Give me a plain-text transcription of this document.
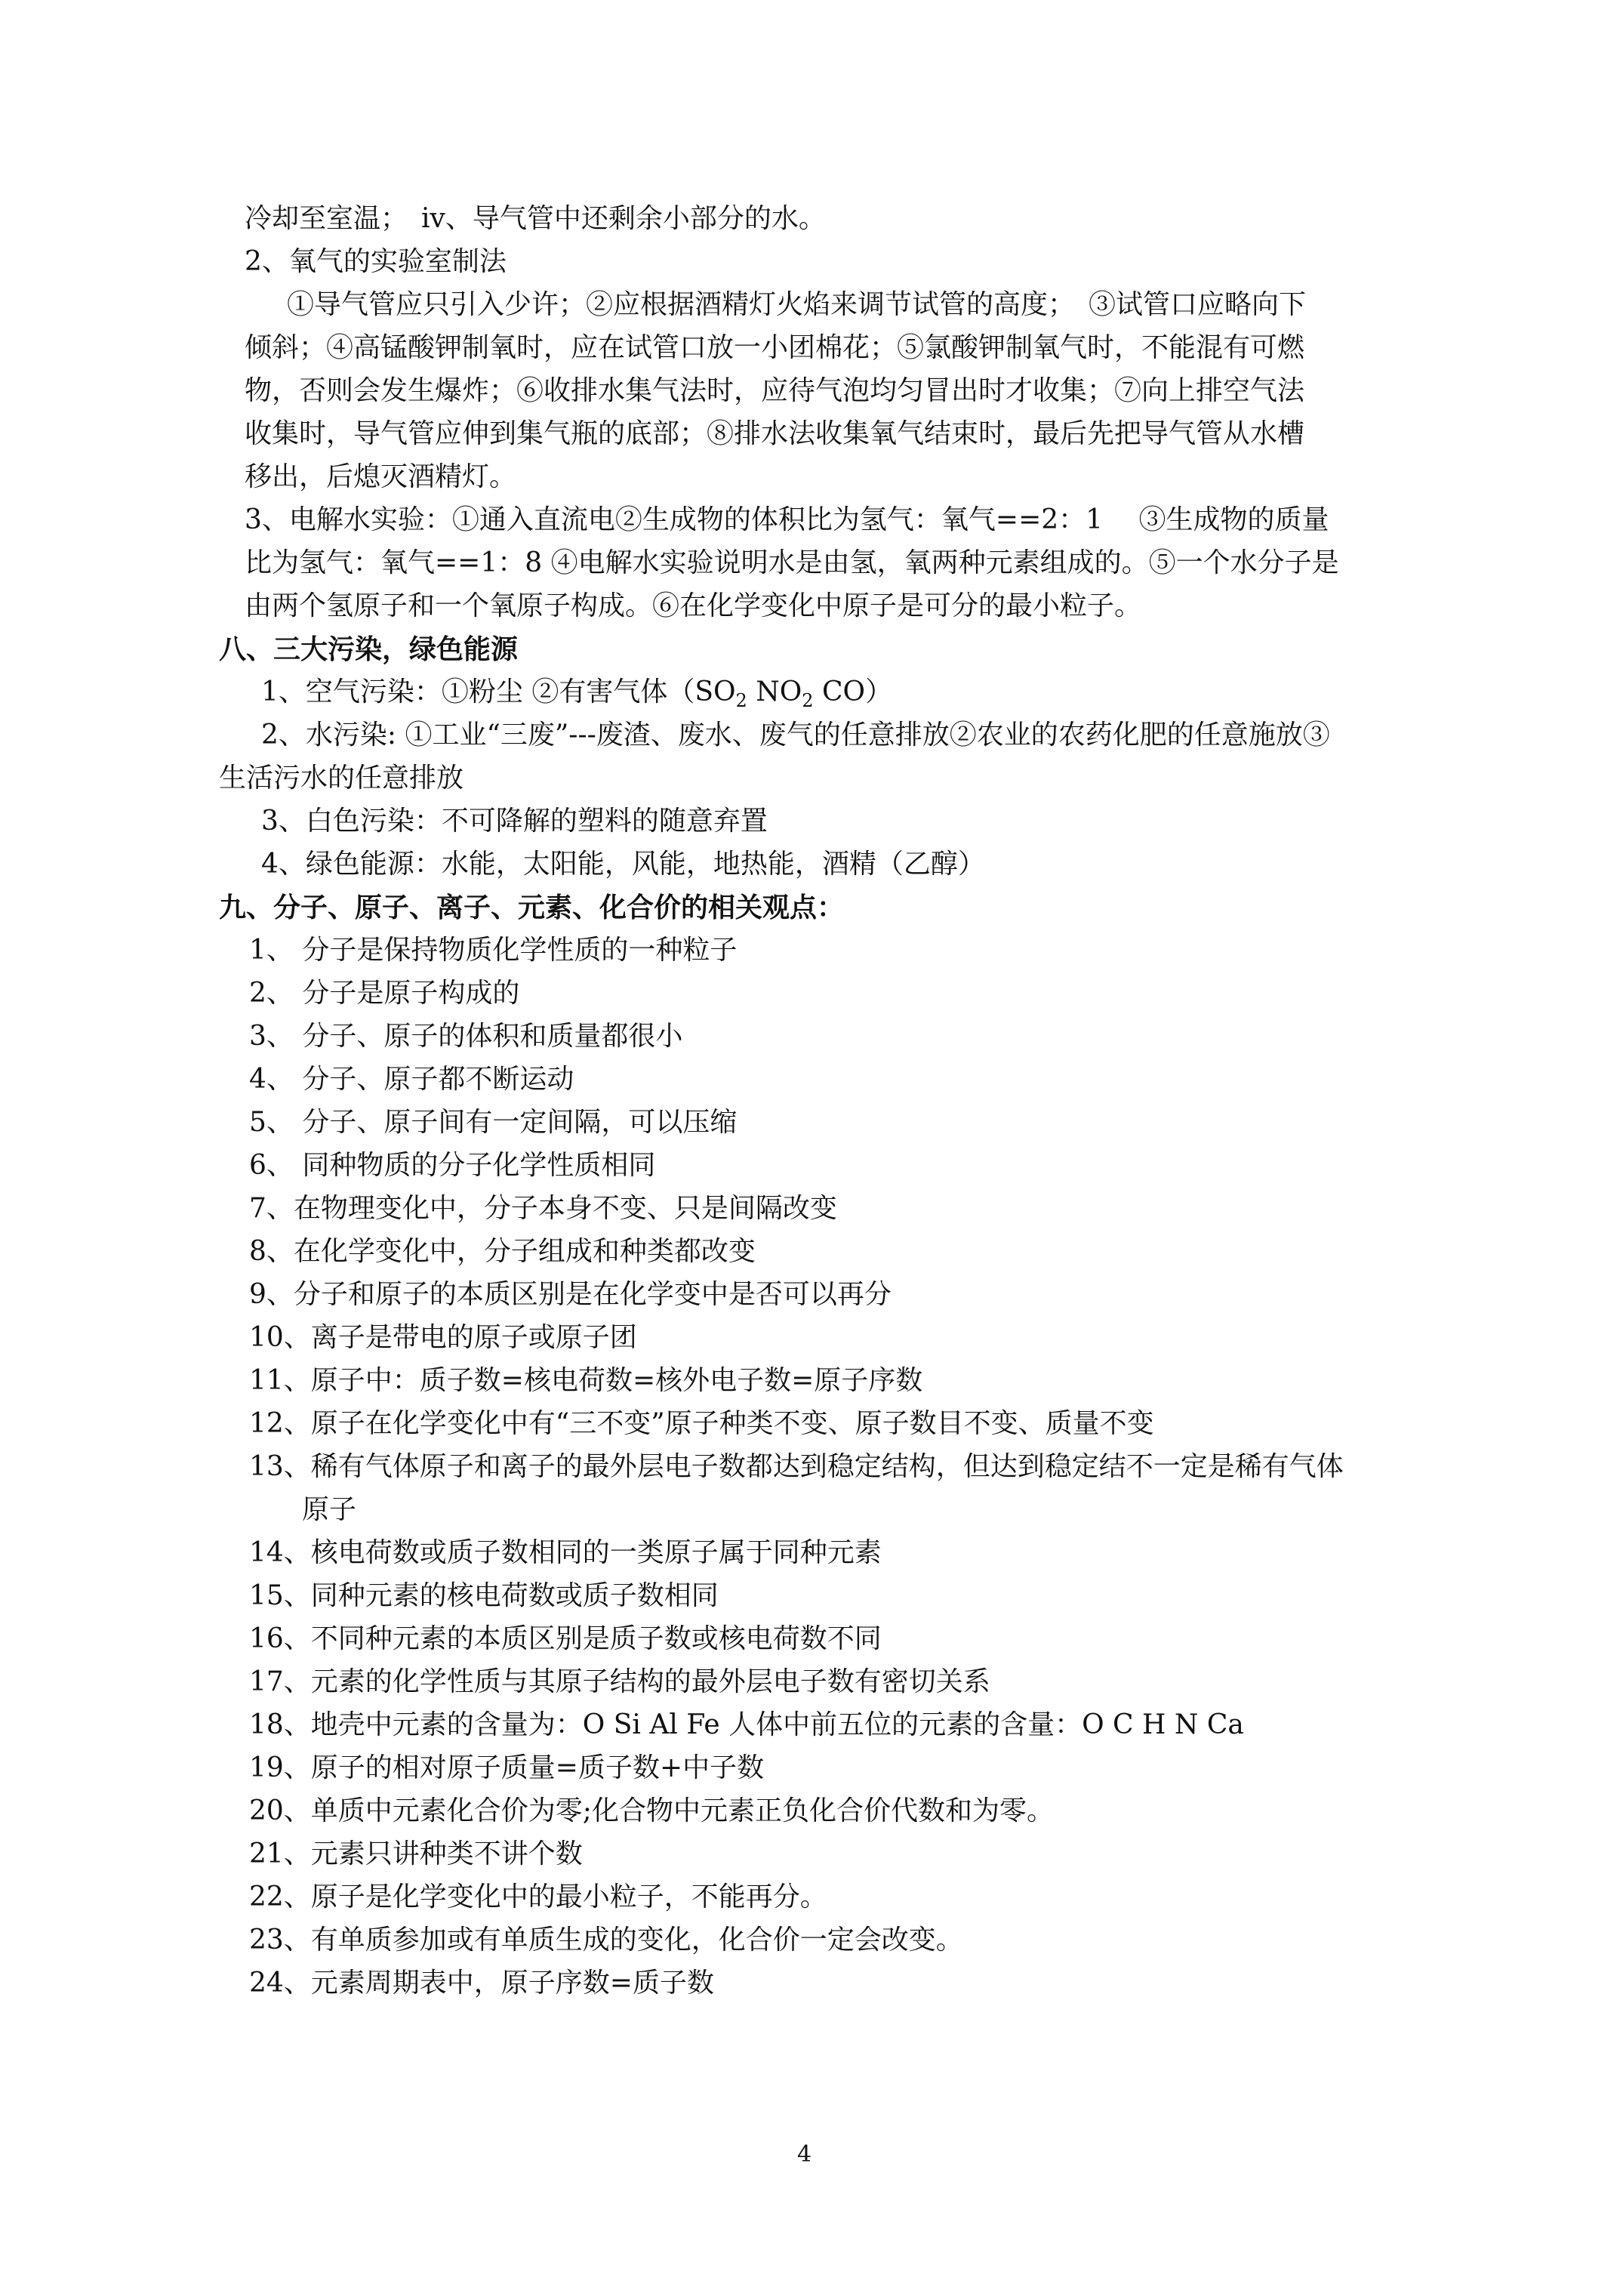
冷却至室温；　iv、导气管中还剩余小部分的水。
2、氧气的实验室制法
①导气管应只引入少许；②应根据酒精灯火焰来调节试管的高度；　③试管口应略向下
倾斜；④高锰酸钾制氧时，应在试管口放一小团棉花；⑤氯酸钾制氧气时，不能混有可燃
物，否则会发生爆炸；⑥收排水集气法时，应待气泡均匀冒出时才收集；⑦向上排空气法
收集时，导气管应伸到集气瓶的底部；⑧排水法收集氧气结束时，最后先把导气管从水槽
移出，后熄灭酒精灯。
3、电解水实验：①通入直流电②生成物的体积比为氢气：氧气==2：1　 ③生成物的质量
比为氢气：氧气==1：8 ④电解水实验说明水是由氢，氧两种元素组成的。⑤一个水分子是
由两个氢原子和一个氧原子构成。⑥在化学变化中原子是可分的最小粒子。
八、三大污染，绿色能源
1、空气污染：①粉尘 ②有害气体（$SO_2$ $NO_2$ CO）
2、水污染: ①工业“三废”---废渣、废水、废气的任意排放②农业的农药化肥的任意施放③
生活污水的任意排放
3、白色污染：不可降解的塑料的随意弃置
4、绿色能源：水能，太阳能，风能，地热能，酒精（乙醇）
九、分子、原子、离子、元素、化合价的相关观点：
1、 分子是保持物质化学性质的一种粒子
2、 分子是原子构成的
3、 分子、原子的体积和质量都很小
4、 分子、原子都不断运动
5、 分子、原子间有一定间隔，可以压缩
6、 同种物质的分子化学性质相同
7、在物理变化中，分子本身不变、只是间隔改变
8、在化学变化中，分子组成和种类都改变
9、分子和原子的本质区别是在化学变中是否可以再分
10、离子是带电的原子或原子团
11、原子中：质子数=核电荷数=核外电子数=原子序数
12、原子在化学变化中有“三不变”原子种类不变、原子数目不变、质量不变
13、稀有气体原子和离子的最外层电子数都达到稳定结构，但达到稳定结不一定是稀有气体
原子
14、核电荷数或质子数相同的一类原子属于同种元素
15、同种元素的核电荷数或质子数相同
16、不同种元素的本质区别是质子数或核电荷数不同
17、元素的化学性质与其原子结构的最外层电子数有密切关系
18、地壳中元素的含量为：O Si Al Fe 人体中前五位的元素的含量：O C H N Ca
19、原子的相对原子质量=质子数+中子数
20、单质中元素化合价为零;化合物中元素正负化合价代数和为零。
21、元素只讲种类不讲个数
22、原子是化学变化中的最小粒子，不能再分。
23、有单质参加或有单质生成的变化，化合价一定会改变。
24、元素周期表中，原子序数=质子数
4
